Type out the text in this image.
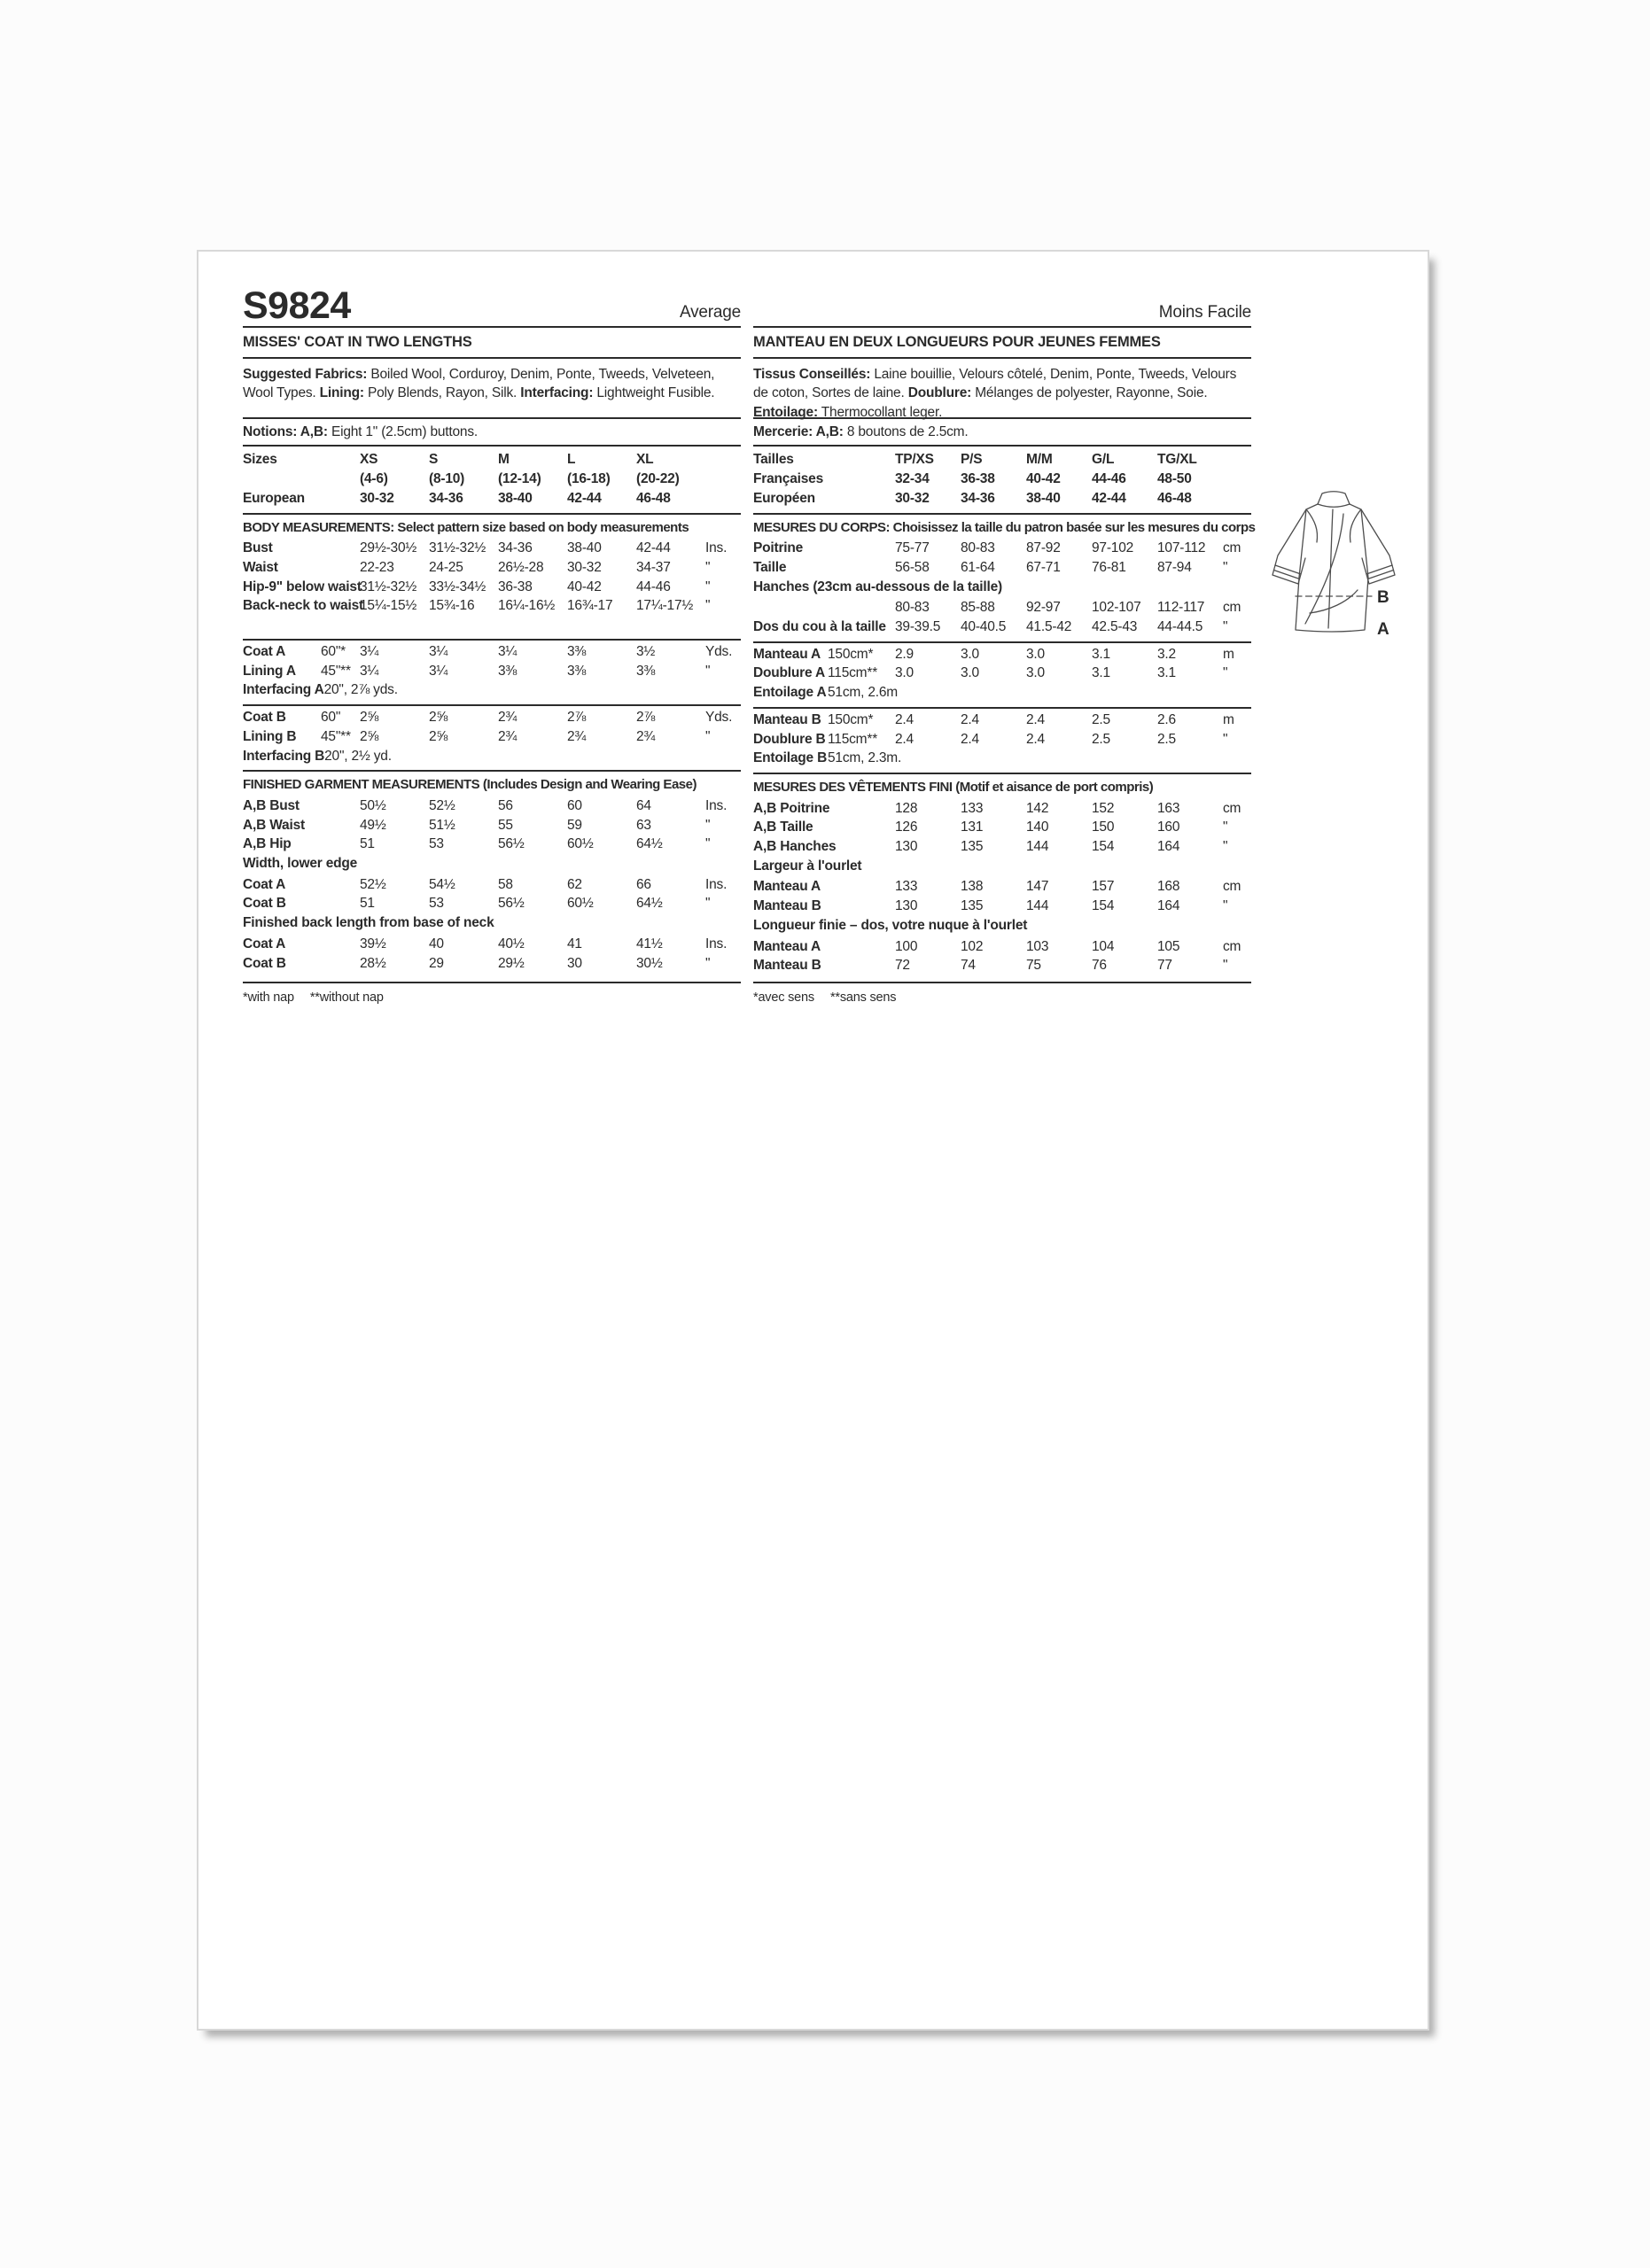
S9824	Average
MISSES' COAT IN TWO LENGTHS
Suggested Fabrics: Boiled Wool, Corduroy, Denim, Ponte, Tweeds, Velveteen, Wool Types. Lining: Poly Blends, Rayon, Silk. Interfacing: Lightweight Fusible.
Notions: A,B: Eight 1" (2.5cm) buttons.
Sizes	XS	S	M	L	XL
(4-6)	(8-10)	(12-14)	(16-18)	(20-22)
European	30-32	34-36	38-40	42-44	46-48
BODY MEASUREMENTS: Select pattern size based on body measurements
Bust	29½-30½ 31½-32½ 34-36	38-40	42-44	Ins.
Waist	22-23	24-25	26½-28	30-32	34-37	"
Hip-9" below waist
31½-32½ 33½-34½ 36-38	40-42	44-46	"
Back-neck to waist
15¼-15½ 15¾-16	16¼-16½ 16¾-17	17¼-17½ "
Coat A	60"* 3¼	3¼	3¼	3⅜	3½	Yds.
Lining A	45"** 3¼	3¼	3⅜	3⅜	3⅜	"
Interfacing A20", 2⅞ yds.
Coat B	60" 2⅝	2⅝	2¾	2⅞	2⅞	Yds.
Lining B	45"** 2⅝	2⅝	2¾	2¾	2¾	"
Interfacing B20", 2½ yd.
FINISHED GARMENT MEASUREMENTS (Includes Design and Wearing Ease)
A,B Bust	50½	52½	56	60	64	Ins.
A,B Waist	49½	51½	55	59	63	"
A,B Hip	51	53	56½	60½	64½	"
Width, lower edge
Coat A	52½	54½	58	62	66	Ins.
Coat B	51	53	56½	60½	64½	"
Finished back length from base of neck
Coat A	39½	40	40½	41	41½	Ins.
Coat B	28½	29	29½	30	30½	"
*with nap **without nap
Moins Facile
MANTEAU EN DEUX LONGUEURS POUR JEUNES FEMMES
Tissus Conseillés: Laine bouillie, Velours côtelé, Denim, Ponte, Tweeds, Velours de coton, Sortes de laine. Doublure: Mélanges de polyester, Rayonne, Soie. Entoilage: Thermocollant leger.
Mercerie: A,B: 8 boutons de 2.5cm.
Tailles	TP/XS	P/S	M/M	G/L	TG/XL
Françaises	32-34	36-38	40-42	44-46	48-50
Européen	30-32	34-36	38-40	42-44	46-48
MESURES DU CORPS: Choisissez la taille du patron basée sur les mesures du corps
Poitrine	75-77	80-83	87-92	97-102	107-112	cm
Taille	56-58	61-64	67-71	76-81	87-94	"
Hanches (23cm au-dessous de la taille)
80-83	85-88	92-97	102-107	112-117	cm
Dos du cou à la taille 39-39.5	40-40.5	41.5-42	42.5-43	44-44.5	"
Manteau A 150cm* 2.9	3.0	3.0	3.1	3.2	m
Doublure A 115cm** 3.0	3.0	3.0	3.1	3.1	"
Entoilage A51cm, 2.6m
Manteau B 150cm* 2.4	2.4	2.4	2.5	2.6	m
Doublure B 115cm** 2.4	2.4	2.4	2.5	2.5	"
Entoilage B51cm, 2.3m.
MESURES DES VÊTEMENTS FINI (Motif et aisance de port compris)
A,B Poitrine	128	133	142	152	163	cm
A,B Taille	126	131	140	150	160	"
A,B Hanches	130	135	144	154	164	"
Largeur à l'ourlet
Manteau A	133	138	147	157	168	cm
Manteau B	130	135	144	154	164	"
Longueur finie – dos, votre nuque à l'ourlet
Manteau A	100	102	103	104	105	cm
Manteau B	72	74	75	76	77	"
*avec sens **sans sens
B
A
